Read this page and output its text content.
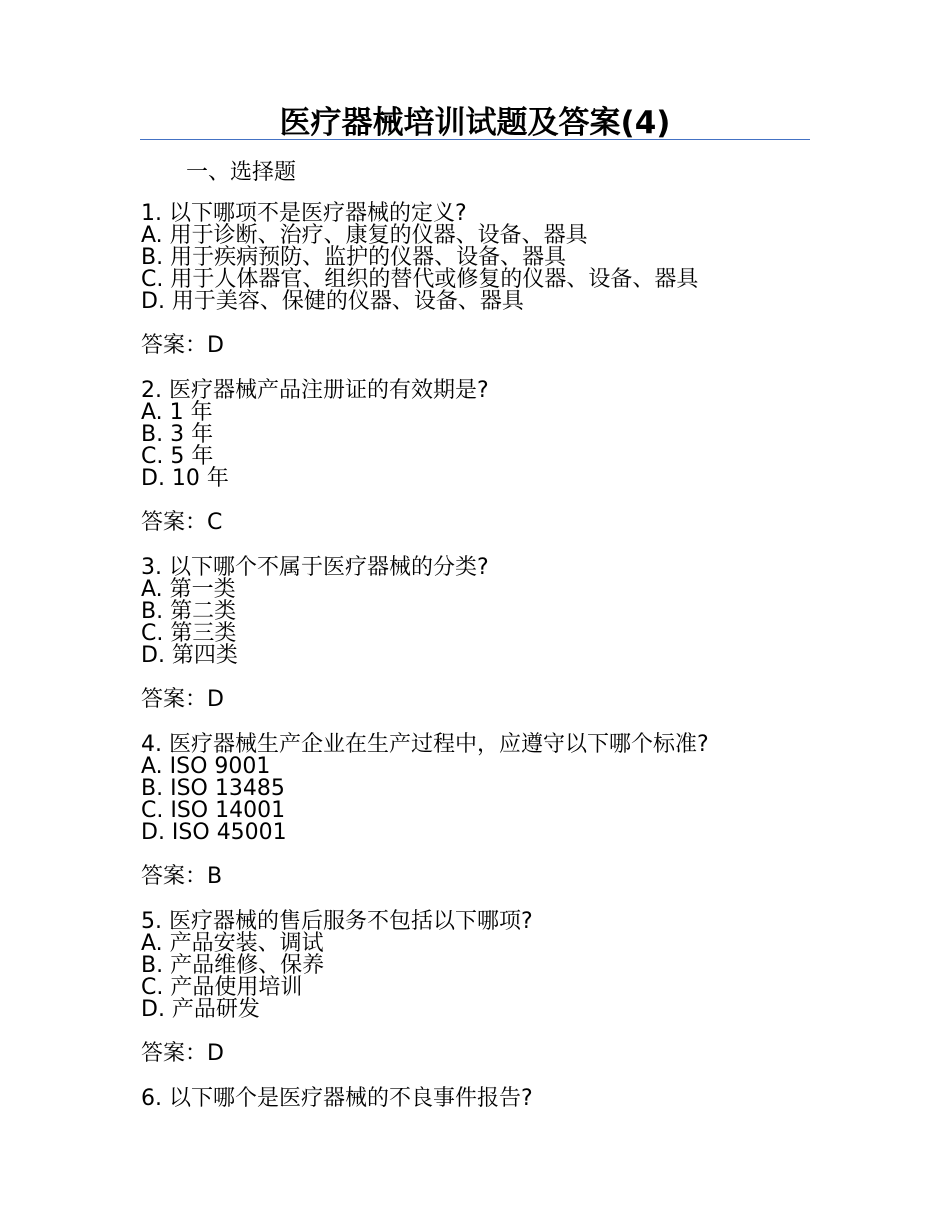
医疗器械培训试题及答案(4)
一、选择题
1. 以下哪项不是医疗器械的定义?
A. 用于诊断、治疗、康复的仪器、设备、器具
B. 用于疾病预防、监护的仪器、设备、器具
C. 用于人体器官、组织的替代或修复的仪器、设备、器具
D. 用于美容、保健的仪器、设备、器具
答案：D
2. 医疗器械产品注册证的有效期是?
A. 1 年
B. 3 年
C. 5 年
D. 10 年
答案：C
3. 以下哪个不属于医疗器械的分类?
A. 第一类
B. 第二类
C. 第三类
D. 第四类
答案：D
4. 医疗器械生产企业在生产过程中，应遵守以下哪个标准?
A. ISO 9001
B. ISO 13485
C. ISO 14001
D. ISO 45001
答案：B
5. 医疗器械的售后服务不包括以下哪项?
A. 产品安装、调试
B. 产品维修、保养
C. 产品使用培训
D. 产品研发
答案：D
6. 以下哪个是医疗器械的不良事件报告?
